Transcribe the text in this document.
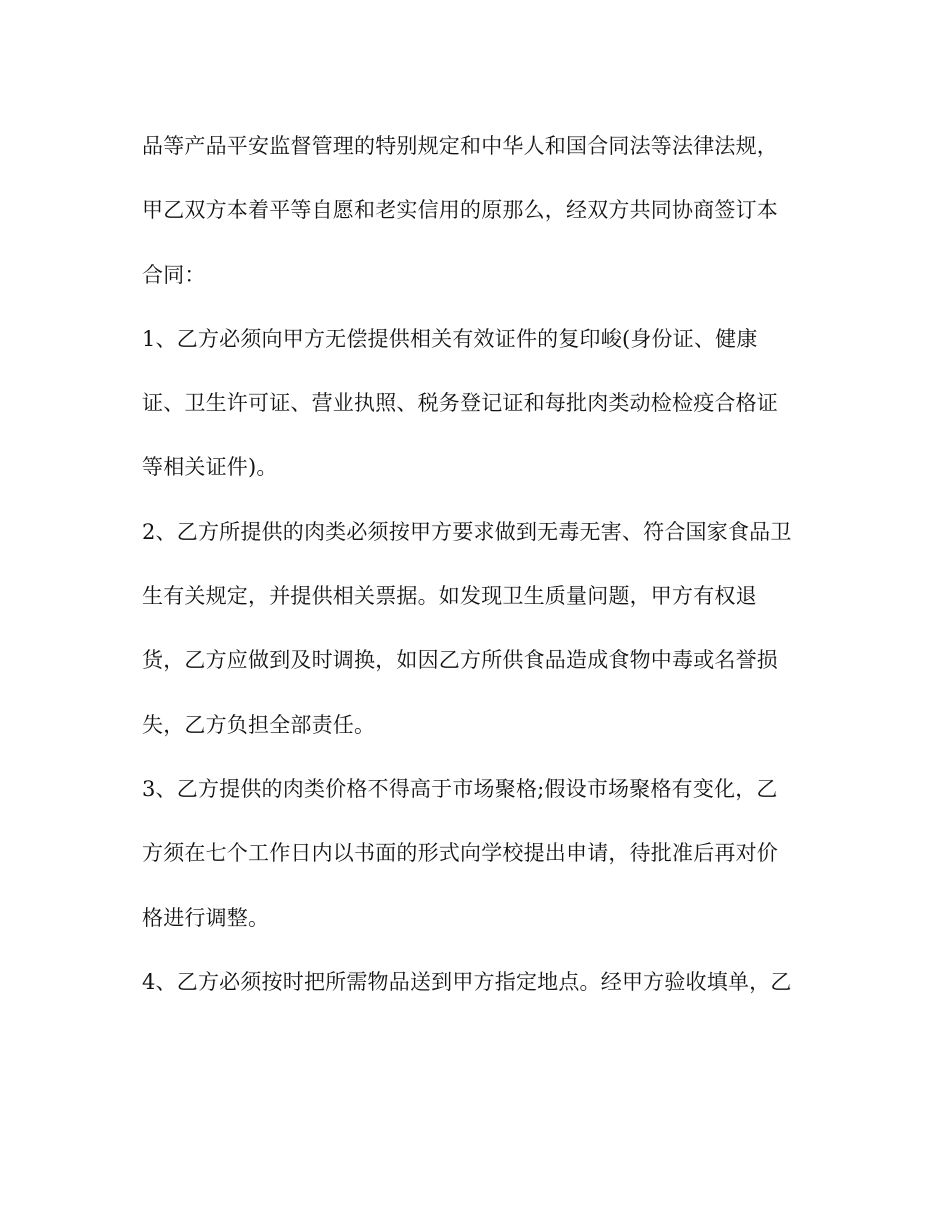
品等产品平安监督管理的特别规定和中华人和国合同法等法律法规，
甲乙双方本着平等自愿和老实信用的原那么，经双方共同协商签订本
合同：
1、乙方必须向甲方无偿提供相关有效证件的复印峻(身份证、健康
证、卫生许可证、营业执照、税务登记证和每批肉类动检检疫合格证
等相关证件)。
2、乙方所提供的肉类必须按甲方要求做到无毒无害、符合国家食品卫
生有关规定，并提供相关票据。如发现卫生质量问题，甲方有权退
货，乙方应做到及时调换，如因乙方所供食品造成食物中毒或名誉损
失，乙方负担全部责任。
3、乙方提供的肉类价格不得高于市场聚格;假设市场聚格有变化，乙
方须在七个工作日内以书面的形式向学校提出申请，待批准后再对价
格进行调整。
4、乙方必须按时把所需物品送到甲方指定地点。经甲方验收填单，乙
